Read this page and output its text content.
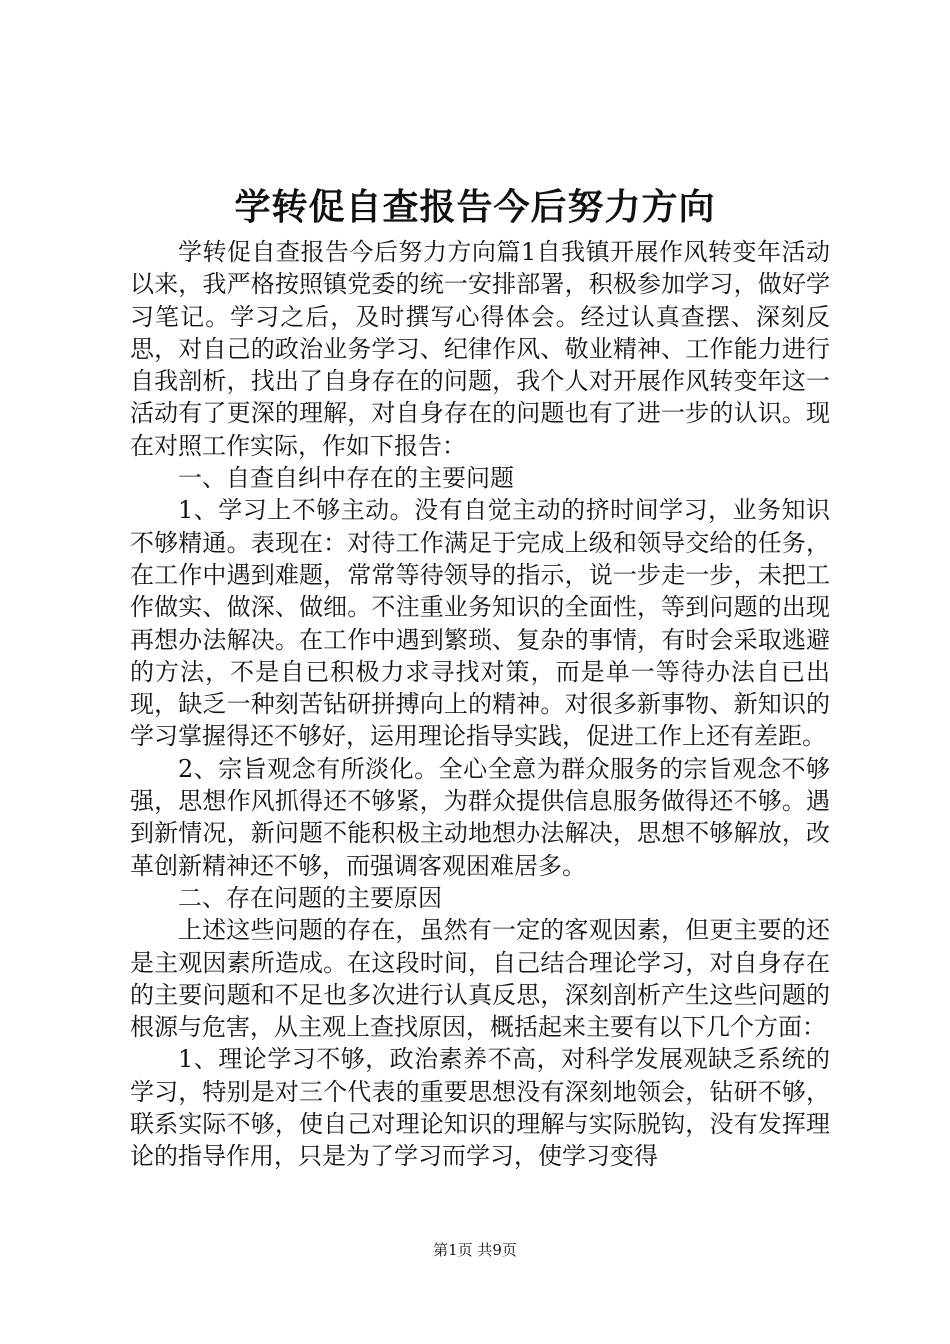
学转促自查报告今后努力方向

学转促自查报告今后努力方向篇1自我镇开展作风转变年活动以来，我严格按照镇党委的统一安排部署，积极参加学习，做好学习笔记。学习之后，及时撰写心得体会。经过认真查摆、深刻反思，对自己的政治业务学习、纪律作风、敬业精神、工作能力进行自我剖析，找出了自身存在的问题，我个人对开展作风转变年这一活动有了更深的理解，对自身存在的问题也有了进一步的认识。现在对照工作实际，作如下报告：

一、自查自纠中存在的主要问题

1、学习上不够主动。没有自觉主动的挤时间学习，业务知识不够精通。表现在：对待工作满足于完成上级和领导交给的任务，在工作中遇到难题，常常等待领导的指示，说一步走一步，未把工作做实、做深、做细。不注重业务知识的全面性，等到问题的出现再想办法解决。在工作中遇到繁琐、复杂的事情，有时会采取逃避的方法，不是自已积极力求寻找对策，而是单一等待办法自已出现，缺乏一种刻苦钻研拼搏向上的精神。对很多新事物、新知识的学习掌握得还不够好，运用理论指导实践，促进工作上还有差距。

2、宗旨观念有所淡化。全心全意为群众服务的宗旨观念不够强，思想作风抓得还不够紧，为群众提供信息服务做得还不够。遇到新情况，新问题不能积极主动地想办法解决，思想不够解放，改革创新精神还不够，而强调客观困难居多。

二、存在问题的主要原因

上述这些问题的存在，虽然有一定的客观因素，但更主要的还是主观因素所造成。在这段时间，自己结合理论学习，对自身存在的主要问题和不足也多次进行认真反思，深刻剖析产生这些问题的根源与危害，从主观上查找原因，概括起来主要有以下几个方面：

1、理论学习不够，政治素养不高，对科学发展观缺乏系统的学习，特别是对三个代表的重要思想没有深刻地领会，钻研不够，联系实际不够，使自己对理论知识的理解与实际脱钩，没有发挥理论的指导作用，只是为了学习而学习，使学习变得

第1页 共9页
